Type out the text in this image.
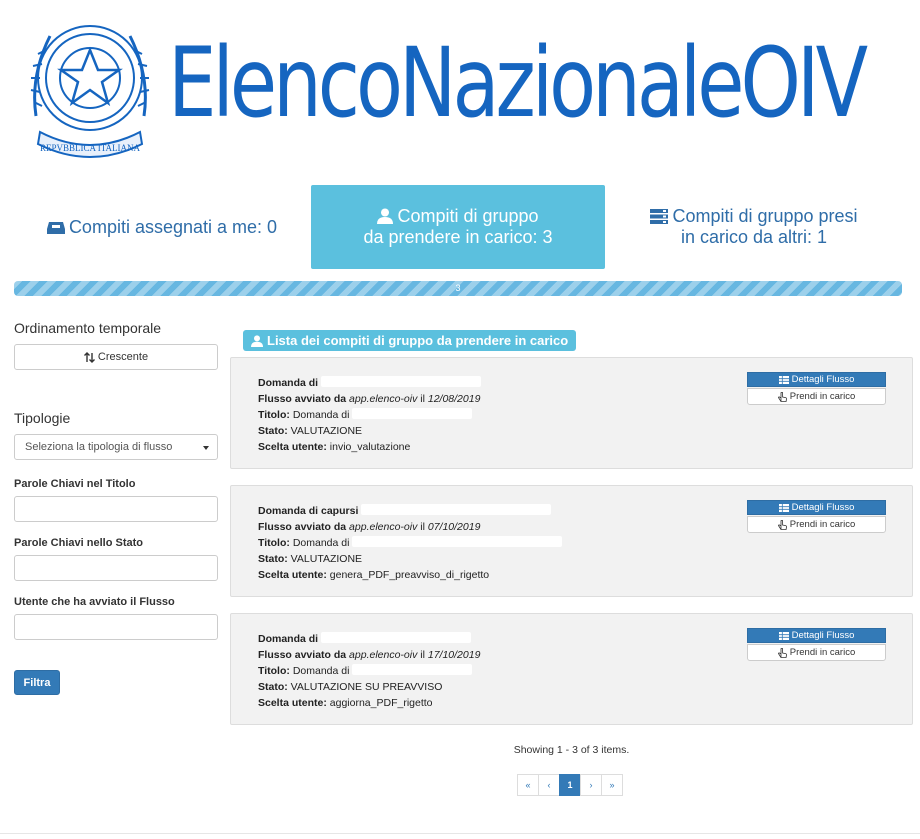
REPVBBLICA ITALIANA
ElencoNazionaleOIV
Compiti assegnati a me: 0
Compiti di gruppo
da prendere in carico: 3
Compiti di gruppo presi
in carico da altri: 1
3
Ordinamento temporale
Crescente
Tipologie
Seleziona la tipologia di flusso
Parole Chiavi nel Titolo
Parole Chiavi nello Stato
Utente che ha avviato il Flusso
Filtra
Lista dei compiti di gruppo da prendere in carico
Domanda di
Flusso avviato da app.elenco-oiv il 12/08/2019
Titolo: Domanda di
Stato: VALUTAZIONE
Scelta utente: invio_valutazione
Dettagli Flusso
Prendi in carico
Domanda di capursi
Flusso avviato da app.elenco-oiv il 07/10/2019
Titolo: Domanda di
Stato: VALUTAZIONE
Scelta utente: genera_PDF_preavviso_di_rigetto
Dettagli Flusso
Prendi in carico
Domanda di
Flusso avviato da app.elenco-oiv il 17/10/2019
Titolo: Domanda di
Stato: VALUTAZIONE SU PREAVVISO
Scelta utente: aggiorna_PDF_rigetto
Dettagli Flusso
Prendi in carico
Showing 1 - 3 of 3 items.
«	‹	1	›	»
